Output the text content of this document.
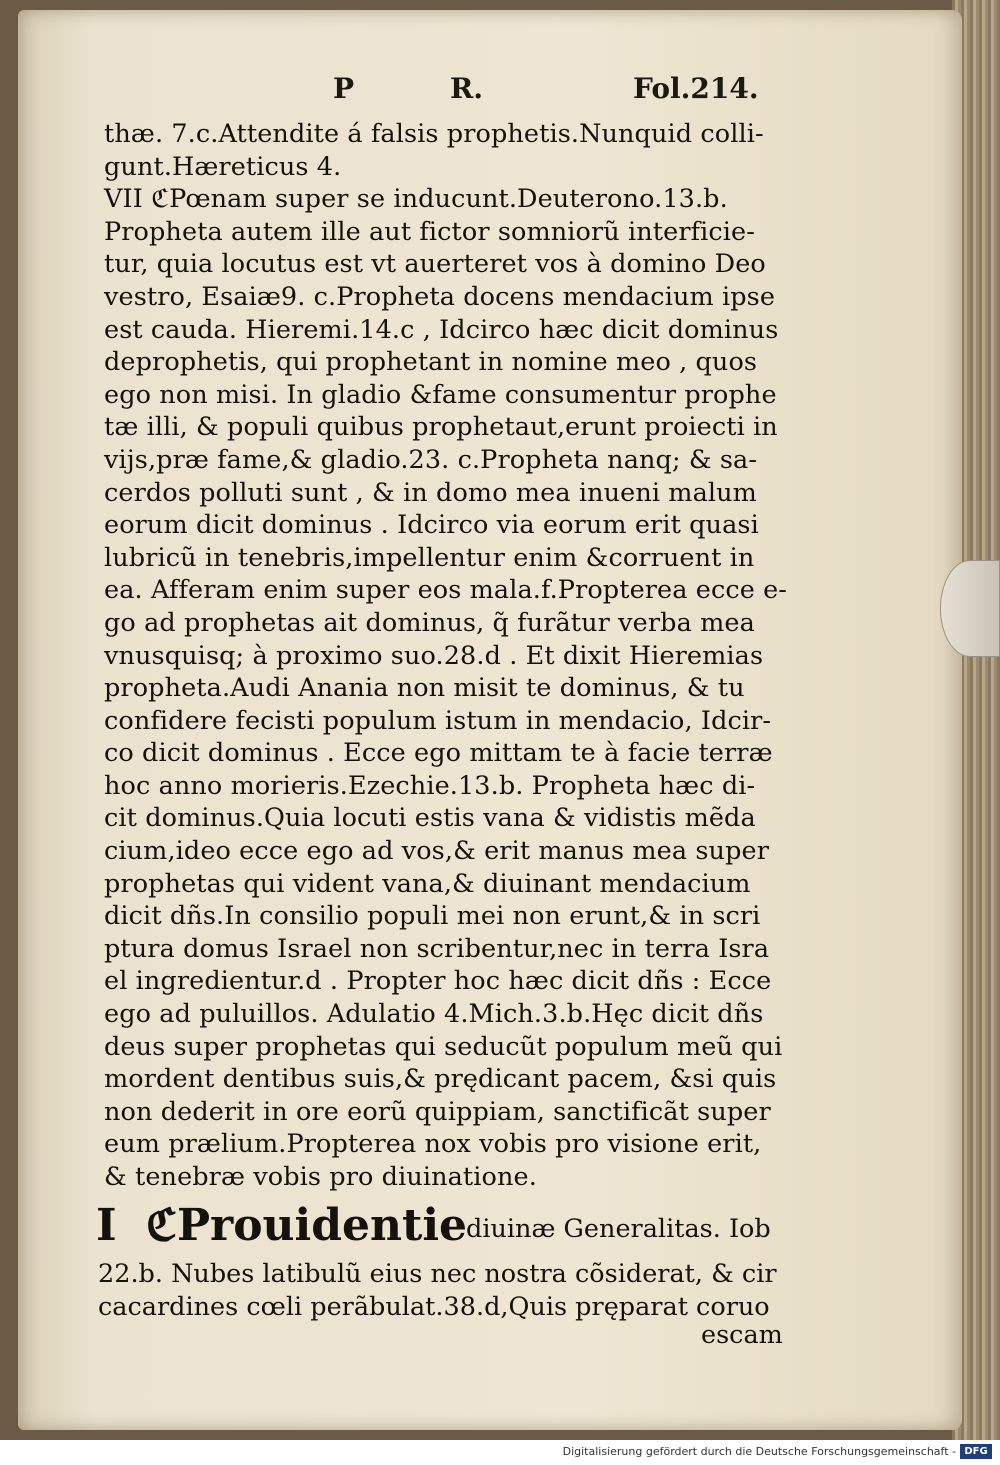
P	R.	Fol.214.
thæ. 7.c.Attendite á falsis prophetis.Nunquid colli-
gunt.Hæreticus 4.
VII ℭPœnam super se inducunt.Deuterono.13.b.
Propheta autem ille aut fictor somniorũ interficie-
tur, quia locutus est vt auerteret vos à domino Deo
vestro, Esaiæ9. c.Propheta docens mendacium ipse
est cauda. Hieremi.14.c , Idcirco hæc dicit dominus
deprophetis, qui prophetant in nomine meo , quos
ego non misi. In gladio &fame consumentur prophe
tæ illi, & populi quibus prophetaut,erunt proiecti in
vijs,præ fame,& gladio.23. c.Propheta nanq; & sa-
cerdos polluti sunt , & in domo mea inueni malum
eorum dicit dominus . Idcirco via eorum erit quasi
lubricũ in tenebris,impellentur enim &corruent in
ea. Afferam enim super eos mala.f.Propterea ecce e-
go ad prophetas ait dominus, q̃ furãtur verba mea
vnusquisq; à proximo suo.28.d . Et dixit Hieremias
propheta.Audi Anania non misit te dominus, & tu
confidere fecisti populum istum in mendacio, Idcir-
co dicit dominus . Ecce ego mittam te à facie terræ
hoc anno morieris.Ezechie.13.b. Propheta hæc di-
cit dominus.Quia locuti estis vana & vidistis mẽda
cium,ideo ecce ego ad vos,& erit manus mea super
prophetas qui vident vana,& diuinant mendacium
dicit dñs.In consilio populi mei non erunt,& in scri
ptura domus Israel non scribentur,nec in terra Isra
el ingredientur.d . Propter hoc hæc dicit dñs : Ecce
ego ad puluillos. Adulatio 4.Mich.3.b.Hęc dicit dñs
deus super prophetas qui seducũt populum meũ qui
mordent dentibus suis,& prędicant pacem, &si quis
non dederit in ore eorũ quippiam, sanctificãt super
eum prælium.Propterea nox vobis pro visione erit,
& tenebræ vobis pro diuinatione.
I ℭProuidentie
diuinæ Generalitas. Iob
22.b. Nubes latibulũ eius nec nostra cõsiderat, & cir
cacardines cœli perãbulat.38.d,Quis pręparat coruo
escam
Digitalisierung gefördert durch die Deutsche Forschungsgemeinschaft - DFG
